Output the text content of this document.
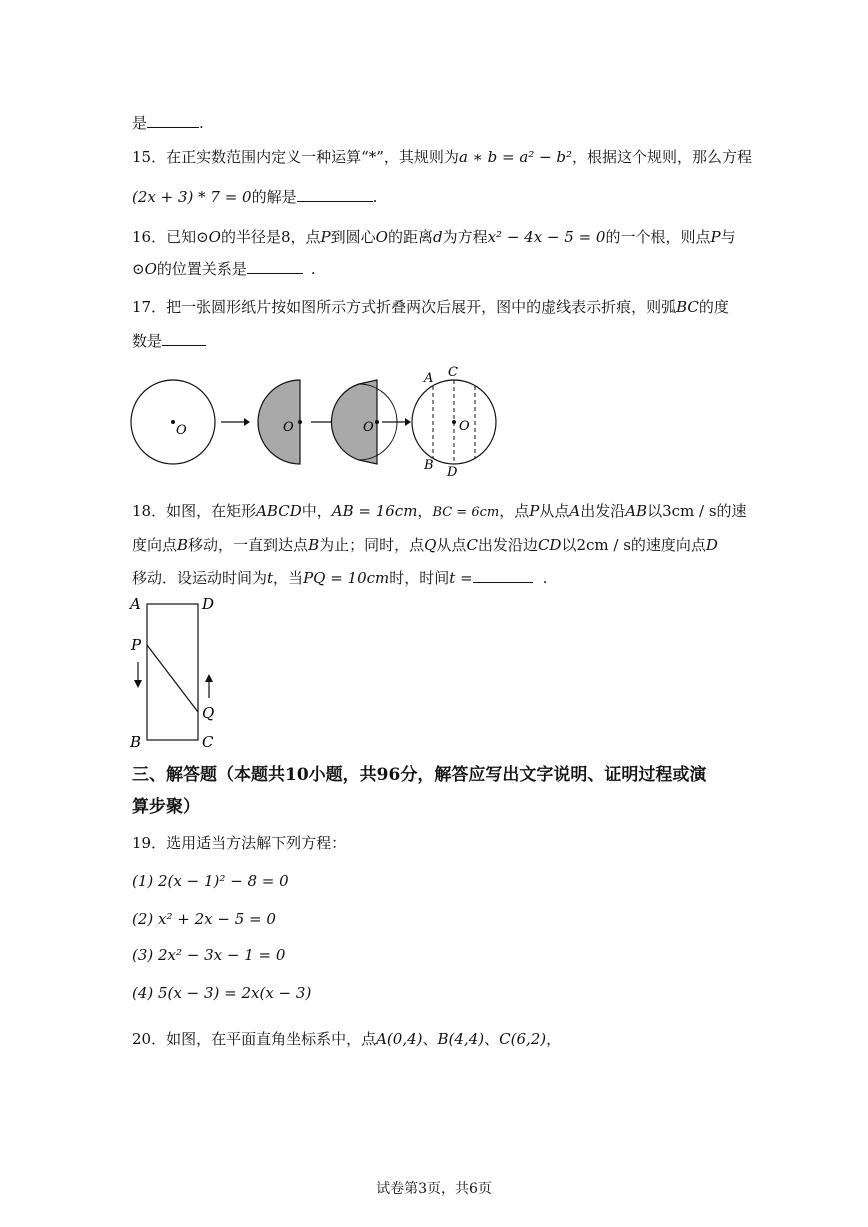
是	.
15．在正实数范围内定义一种运算“*”，其规则为a ∗ b = a² − b²，根据这个规则，那么方程
(2x + 3) * 7 = 0的解是	.
16．已知⊙O的半径是8，点P到圆心O的距离d为方程x² − 4x − 5 = 0的一个根，则点P与
⊙O的位置关系是	.
17．把一张圆形纸片按如图所示方式折叠两次后展开，图中的虚线表示折痕，则弧BC的度
数是
O	O	O	O
A C
B D
18．如图，在矩形ABCD中，AB = 16cm，BC = 6cm，点P从点A出发沿AB以3cm / s的速
度向点B移动，一直到达点B为止；同时，点Q从点C出发沿边CD以2cm / s的速度向点D
移动．设运动时间为t，当PQ = 10cm时，时间t =	.
A	D
P
Q
B	C
三、解答题（本题共10小题，共96分，解答应写出文字说明、证明过程或演
算步聚）
19．选用适当方法解下列方程：
(1) 2(x − 1)² − 8 = 0
(2) x² + 2x − 5 = 0
(3) 2x² − 3x − 1 = 0
(4) 5(x − 3) = 2x(x − 3)
20．如图，在平面直角坐标系中，点A(0,4)、B(4,4)、C(6,2)，
试卷第3页，共6页
